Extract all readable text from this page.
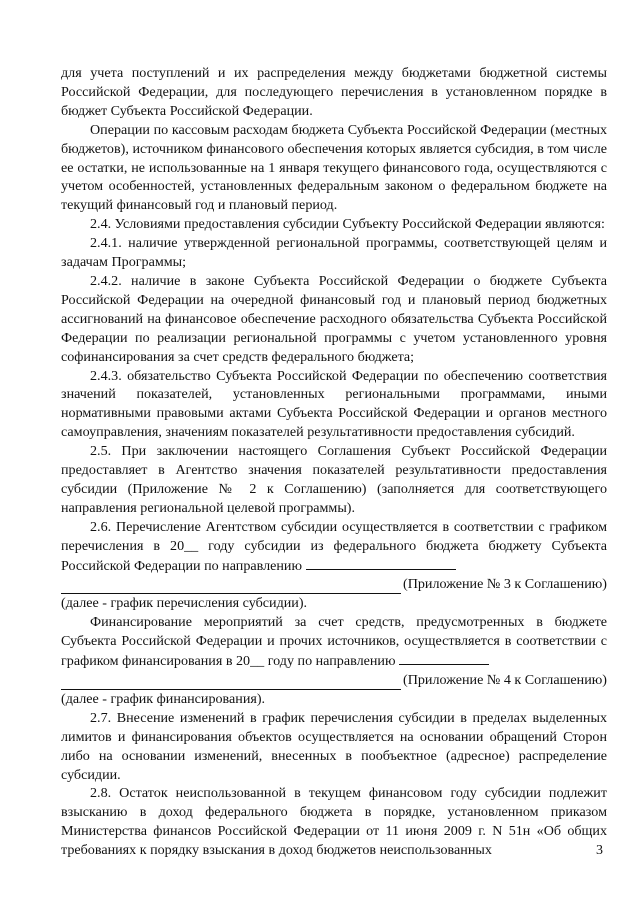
для учета поступлений и их распределения между бюджетами бюджетной системы Российской Федерации, для последующего перечисления в установленном порядке в бюджет Субъекта Российской Федерации.

Операции по кассовым расходам бюджета Субъекта Российской Федерации (местных бюджетов), источником финансового обеспечения которых является субсидия, в том числе ее остатки, не использованные на 1 января текущего финансового года, осуществляются с учетом особенностей, установленных федеральным законом о федеральном бюджете на текущий финансовый год и плановый период.

2.4. Условиями предоставления субсидии Субъекту Российской Федерации являются:

2.4.1. наличие утвержденной региональной программы, соответствующей целям и задачам Программы;

2.4.2. наличие в законе Субъекта Российской Федерации о бюджете Субъекта Российской Федерации на очередной финансовый год и плановый период бюджетных ассигнований на финансовое обеспечение расходного обязательства Субъекта Российской Федерации по реализации региональной программы с учетом установленного уровня софинансирования за счет средств федерального бюджета;

2.4.3. обязательство Субъекта Российской Федерации по обеспечению соответствия значений показателей, установленных региональными программами, иными нормативными правовыми актами Субъекта Российской Федерации и органов местного самоуправления, значениям показателей результативности предоставления субсидий.

2.5. При заключении настоящего Соглашения Субъект Российской Федерации предоставляет в Агентство значения показателей результативности предоставления субсидии (Приложение № 2 к Соглашению) (заполняется для соответствующего направления региональной целевой программы).

2.6. Перечисление Агентством субсидии осуществляется в соответствии с графиком перечисления в 20__ году субсидии из федерального бюджета бюджету Субъекта Российской Федерации по направлению

(Приложение № 3 к Соглашению)

(далее - график перечисления субсидии).

Финансирование мероприятий за счет средств, предусмотренных в бюджете Субъекта Российской Федерации и прочих источников, осуществляется в соответствии с графиком финансирования в 20__ году по направлению

(Приложение № 4 к Соглашению)

(далее - график финансирования).

2.7. Внесение изменений в график перечисления субсидии в пределах выделенных лимитов и финансирования объектов осуществляется на основании обращений Сторон либо на основании изменений, внесенных в пообъектное (адресное) распределение субсидии.

2.8. Остаток неиспользованной в текущем финансовом году субсидии подлежит взысканию в доход федерального бюджета в порядке, установленном приказом Министерства финансов Российской Федерации от 11 июня 2009 г. N 51н «Об общих требованиях к порядку взыскания в доход бюджетов неиспользованных	3
